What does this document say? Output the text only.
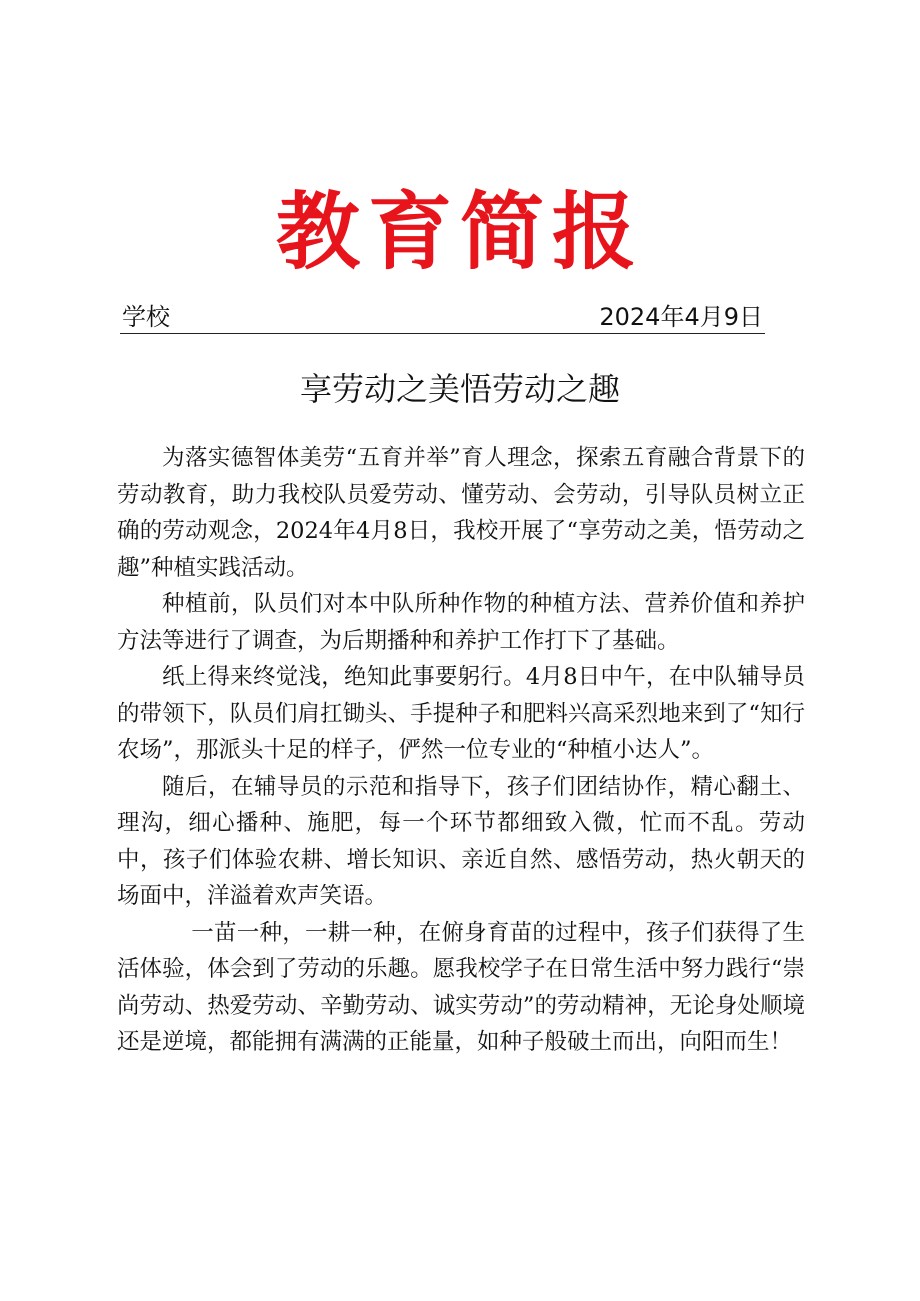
教育简报
学校	2024年4月9日
享劳动之美悟劳动之趣

为落实德智体美劳“五育并举”育人理念，探索五育融合背景下的劳动教育，助力我校队员爱劳动、懂劳动、会劳动，引导队员树立正确的劳动观念，2024年4月8日，我校开展了“享劳动之美，悟劳动之趣”种植实践活动。

种植前，队员们对本中队所种作物的种植方法、营养价值和养护方法等进行了调查，为后期播种和养护工作打下了基础。

纸上得来终觉浅，绝知此事要躬行。4月8日中午，在中队辅导员的带领下，队员们肩扛锄头、手提种子和肥料兴高采烈地来到了“知行农场”，那派头十足的样子，俨然一位专业的“种植小达人”。

随后，在辅导员的示范和指导下，孩子们团结协作，精心翻土、理沟，细心播种、施肥，每一个环节都细致入微，忙而不乱。劳动中，孩子们体验农耕、增长知识、亲近自然、感悟劳动，热火朝天的场面中，洋溢着欢声笑语。

一苗一种，一耕一种，在俯身育苗的过程中，孩子们获得了生活体验，体会到了劳动的乐趣。愿我校学子在日常生活中努力践行“崇尚劳动、热爱劳动、辛勤劳动、诚实劳动”的劳动精神，无论身处顺境还是逆境，都能拥有满满的正能量，如种子般破土而出，向阳而生！
